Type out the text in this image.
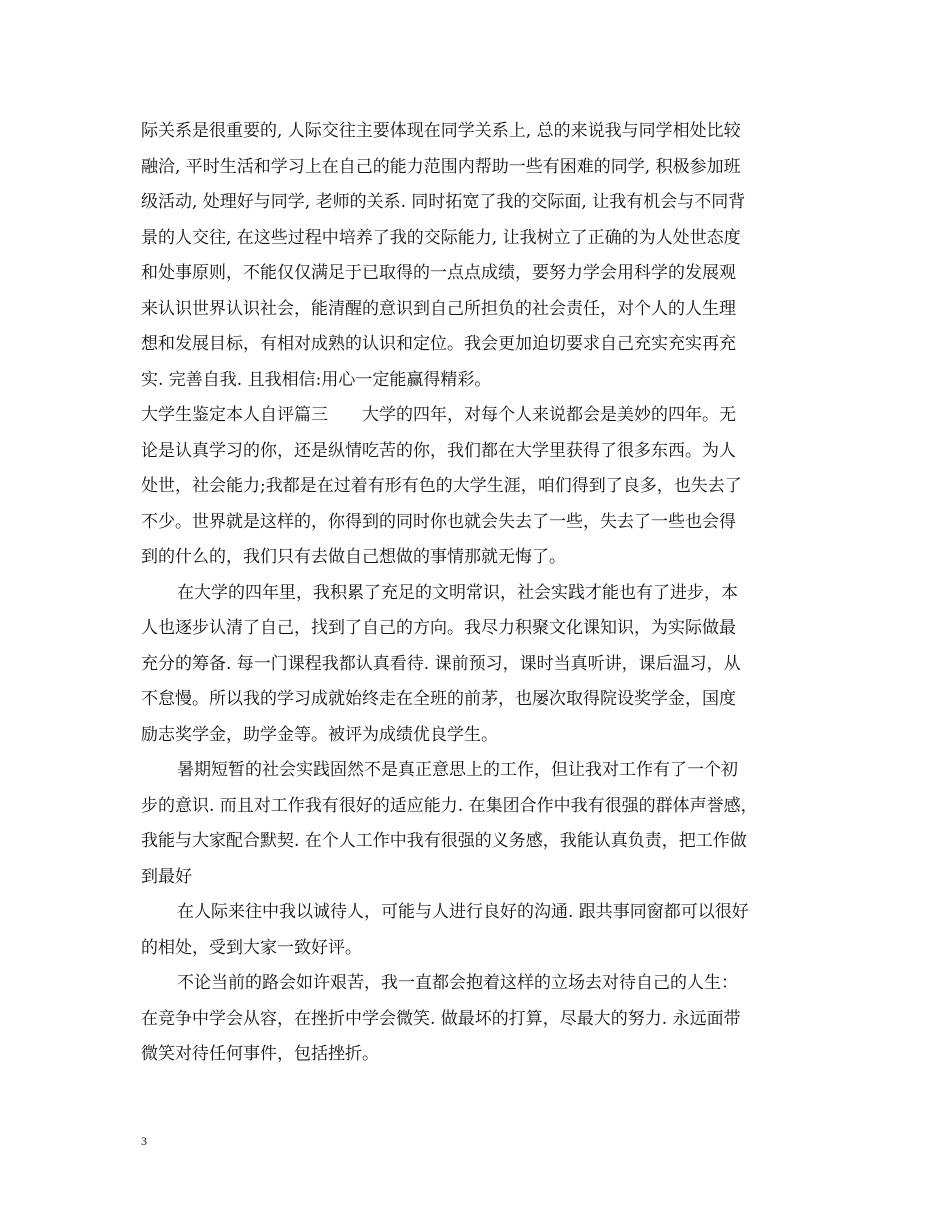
际关系是很重要的, 人际交往主要体现在同学关系上, 总的来说我与同学相处比较
融洽, 平时生活和学习上在自己的能力范围内帮助一些有困难的同学, 积极参加班
级活动, 处理好与同学, 老师的关系. 同时拓宽了我的交际面, 让我有机会与不同背
景的人交往, 在这些过程中培养了我的交际能力, 让我树立了正确的为人处世态度
和处事原则，不能仅仅满足于已取得的一点点成绩，要努力学会用科学的发展观
来认识世界认识社会，能清醒的意识到自己所担负的社会责任，对个人的人生理
想和发展目标，有相对成熟的认识和定位。我会更加迫切要求自己充实充实再充
实. 完善自我. 且我相信:用心一定能赢得精彩。
大学生鉴定本人自评篇三　　大学的四年，对每个人来说都会是美妙的四年。无
论是认真学习的你，还是纵情吃苦的你，我们都在大学里获得了很多东西。为人
处世，社会能力;我都是在过着有形有色的大学生涯，咱们得到了良多，也失去了
不少。世界就是这样的，你得到的同时你也就会失去了一些，失去了一些也会得
到的什么的，我们只有去做自己想做的事情那就无悔了。
在大学的四年里，我积累了充足的文明常识，社会实践才能也有了进步，本
人也逐步认清了自己，找到了自己的方向。我尽力积聚文化课知识，为实际做最
充分的筹备. 每一门课程我都认真看待. 课前预习，课时当真听讲，课后温习，从
不怠慢。所以我的学习成就始终走在全班的前茅，也屡次取得院设奖学金，国度
励志奖学金，助学金等。被评为成绩优良学生。
暑期短暂的社会实践固然不是真正意思上的工作，但让我对工作有了一个初
步的意识. 而且对工作我有很好的适应能力. 在集团合作中我有很强的群体声誉感，
我能与大家配合默契. 在个人工作中我有很强的义务感，我能认真负责，把工作做
到最好
在人际来往中我以诚待人，可能与人进行良好的沟通. 跟共事同窗都可以很好
的相处，受到大家一致好评。
不论当前的路会如许艰苦，我一直都会抱着这样的立场去对待自己的人生：
在竞争中学会从容，在挫折中学会微笑. 做最坏的打算，尽最大的努力. 永远面带
微笑对待任何事件，包括挫折。
3
